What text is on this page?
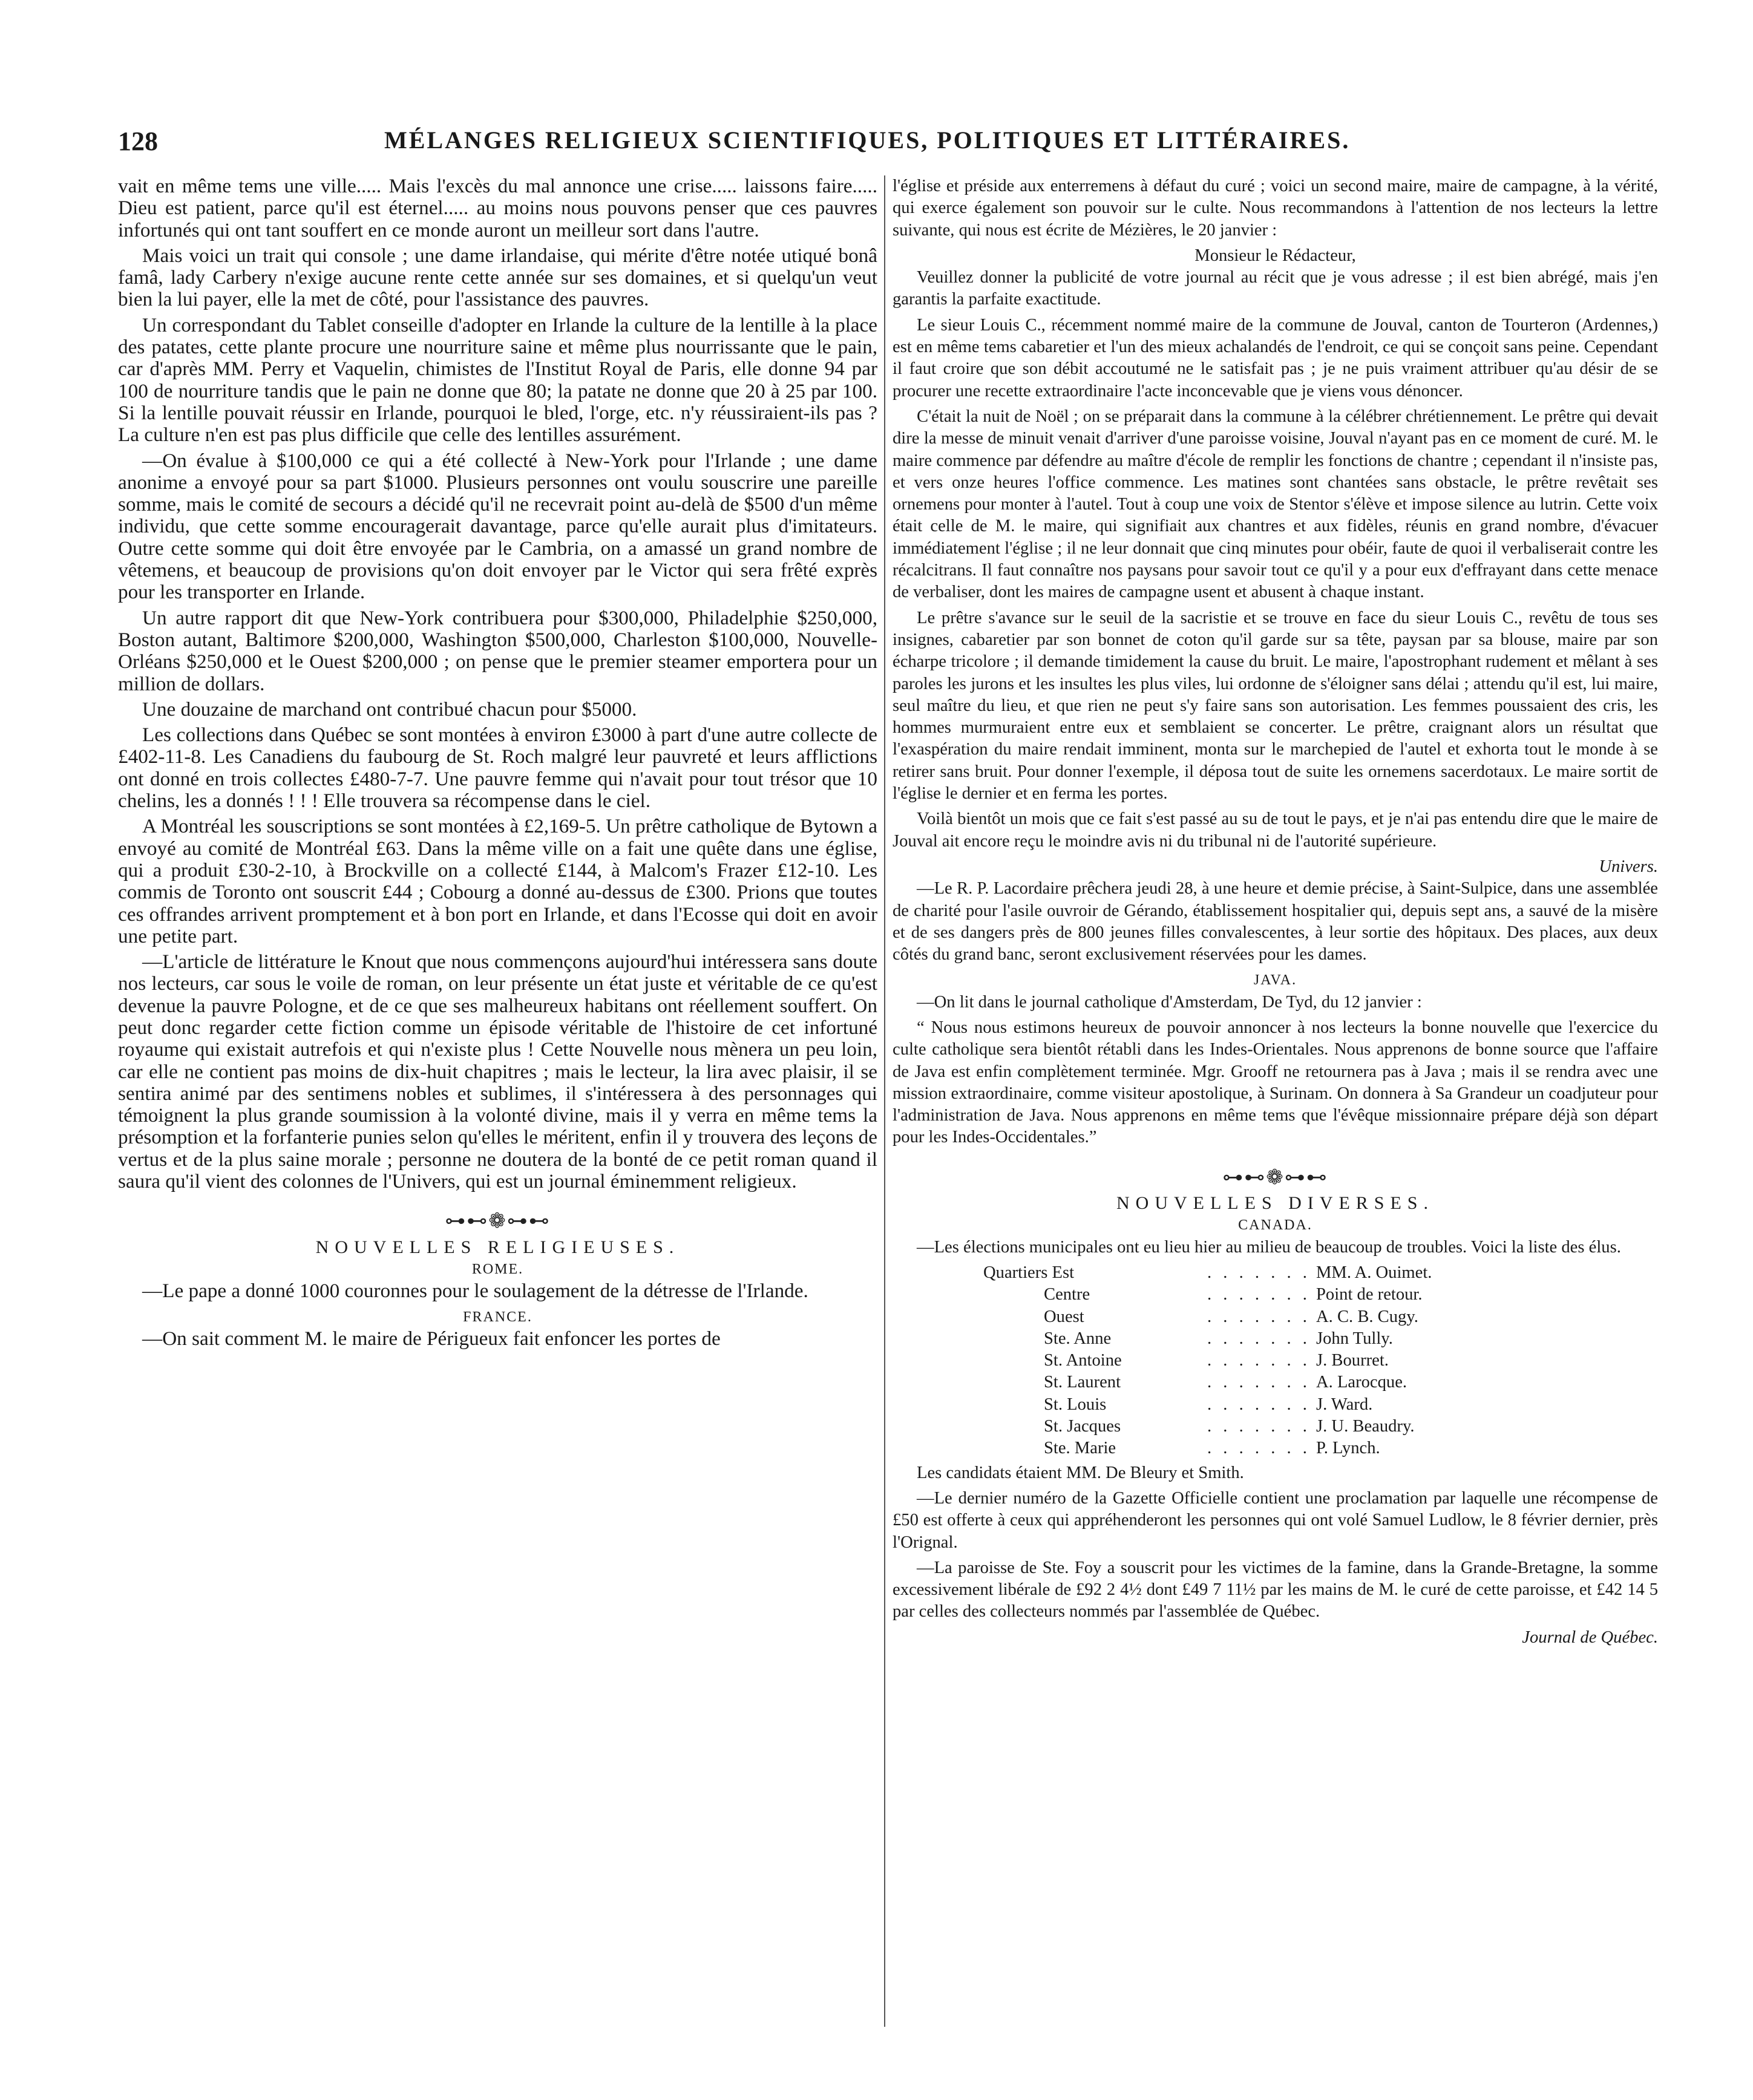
128	MÉLANGES RELIGIEUX SCIENTIFIQUES, POLITIQUES ET LITTÉRAIRES.

vait en même tems une ville..... Mais l'excès du mal annonce une crise..... laissons faire..... Dieu est patient, parce qu'il est éternel..... au moins nous pouvons penser que ces pauvres infortunés qui ont tant souffert en ce monde auront un meilleur sort dans l'autre.

Mais voici un trait qui console ; une dame irlandaise, qui mérite d'être notée utiqué bonâ famâ, lady Carbery n'exige aucune rente cette année sur ses domaines, et si quelqu'un veut bien la lui payer, elle la met de côté, pour l'assistance des pauvres.

Un correspondant du Tablet conseille d'adopter en Irlande la culture de la lentille à la place des patates, cette plante procure une nourriture saine et même plus nourrissante que le pain, car d'après MM. Perry et Vaquelin, chimistes de l'Institut Royal de Paris, elle donne 94 par 100 de nourriture tandis que le pain ne donne que 80; la patate ne donne que 20 à 25 par 100. Si la lentille pouvait réussir en Irlande, pourquoi le bled, l'orge, etc. n'y réussiraient-ils pas ? La culture n'en est pas plus difficile que celle des lentilles assurément.

—On évalue à $100,000 ce qui a été collecté à New-York pour l'Irlande ; une dame anonime a envoyé pour sa part $1000. Plusieurs personnes ont voulu souscrire une pareille somme, mais le comité de secours a décidé qu'il ne recevrait point au-delà de $500 d'un même individu, que cette somme encouragerait davantage, parce qu'elle aurait plus d'imitateurs. Outre cette somme qui doit être envoyée par le Cambria, on a amassé un grand nombre de vêtemens, et beaucoup de provisions qu'on doit envoyer par le Victor qui sera frêté exprès pour les transporter en Irlande.

Un autre rapport dit que New-York contribuera pour $300,000, Philadelphie $250,000, Boston autant, Baltimore $200,000, Washington $500,000, Charleston $100,000, Nouvelle-Orléans $250,000 et le Ouest $200,000 ; on pense que le premier steamer emportera pour un million de dollars.

Une douzaine de marchand ont contribué chacun pour $5000.

Les collections dans Québec se sont montées à environ £3000 à part d'une autre collecte de £402-11-8. Les Canadiens du faubourg de St. Roch malgré leur pauvreté et leurs afflictions ont donné en trois collectes £480-7-7. Une pauvre femme qui n'avait pour tout trésor que 10 chelins, les a donnés ! ! ! Elle trouvera sa récompense dans le ciel.

A Montréal les souscriptions se sont montées à £2,169-5. Un prêtre catholique de Bytown a envoyé au comité de Montréal £63. Dans la même ville on a fait une quête dans une église, qui a produit £30-2-10, à Brockville on a collecté £144, à Malcom's Frazer £12-10. Les commis de Toronto ont souscrit £44 ; Cobourg a donné au-dessus de £300. Prions que toutes ces offrandes arrivent promptement et à bon port en Irlande, et dans l'Ecosse qui doit en avoir une petite part.

—L'article de littérature le Knout que nous commençons aujourd'hui intéressera sans doute nos lecteurs, car sous le voile de roman, on leur présente un état juste et véritable de ce qu'est devenue la pauvre Pologne, et de ce que ses malheureux habitans ont réellement souffert. On peut donc regarder cette fiction comme un épisode véritable de l'histoire de cet infortuné royaume qui existait autrefois et qui n'existe plus ! Cette Nouvelle nous mènera un peu loin, car elle ne contient pas moins de dix-huit chapitres ; mais le lecteur, la lira avec plaisir, il se sentira animé par des sentimens nobles et sublimes, il s'intéressera à des personnages qui témoignent la plus grande soumission à la volonté divine, mais il y verra en même tems la présomption et la forfanterie punies selon qu'elles le méritent, enfin il y trouvera des leçons de vertus et de la plus saine morale ; personne ne doutera de la bonté de ce petit roman quand il saura qu'il vient des colonnes de l'Univers, qui est un journal éminemment religieux.

⊶⊷❁⊶⊷

NOUVELLES RELIGIEUSES.

ROME.

—Le pape a donné 1000 couronnes pour le soulagement de la détresse de l'Irlande.

FRANCE.

—On sait comment M. le maire de Périgueux fait enfoncer les portes de

l'église et préside aux enterremens à défaut du curé ; voici un second maire, maire de campagne, à la vérité, qui exerce également son pouvoir sur le culte. Nous recommandons à l'attention de nos lecteurs la lettre suivante, qui nous est écrite de Mézières, le 20 janvier :

Monsieur le Rédacteur,

Veuillez donner la publicité de votre journal au récit que je vous adresse ; il est bien abrégé, mais j'en garantis la parfaite exactitude.

Le sieur Louis C., récemment nommé maire de la commune de Jouval, canton de Tourteron (Ardennes,) est en même tems cabaretier et l'un des mieux achalandés de l'endroit, ce qui se conçoit sans peine. Cependant il faut croire que son débit accoutumé ne le satisfait pas ; je ne puis vraiment attribuer qu'au désir de se procurer une recette extraordinaire l'acte inconcevable que je viens vous dénoncer.

C'était la nuit de Noël ; on se préparait dans la commune à la célébrer chrétiennement. Le prêtre qui devait dire la messe de minuit venait d'arriver d'une paroisse voisine, Jouval n'ayant pas en ce moment de curé. M. le maire commence par défendre au maître d'école de remplir les fonctions de chantre ; cependant il n'insiste pas, et vers onze heures l'office commence. Les matines sont chantées sans obstacle, le prêtre revêtait ses ornemens pour monter à l'autel. Tout à coup une voix de Stentor s'élève et impose silence au lutrin. Cette voix était celle de M. le maire, qui signifiait aux chantres et aux fidèles, réunis en grand nombre, d'évacuer immédiatement l'église ; il ne leur donnait que cinq minutes pour obéir, faute de quoi il verbaliserait contre les récalcitrans. Il faut connaître nos paysans pour savoir tout ce qu'il y a pour eux d'effrayant dans cette menace de verbaliser, dont les maires de campagne usent et abusent à chaque instant.

Le prêtre s'avance sur le seuil de la sacristie et se trouve en face du sieur Louis C., revêtu de tous ses insignes, cabaretier par son bonnet de coton qu'il garde sur sa tête, paysan par sa blouse, maire par son écharpe tricolore ; il demande timidement la cause du bruit. Le maire, l'apostrophant rudement et mêlant à ses paroles les jurons et les insultes les plus viles, lui ordonne de s'éloigner sans délai ; attendu qu'il est, lui maire, seul maître du lieu, et que rien ne peut s'y faire sans son autorisation. Les femmes poussaient des cris, les hommes murmuraient entre eux et semblaient se concerter. Le prêtre, craignant alors un résultat que l'exaspération du maire rendait imminent, monta sur le marchepied de l'autel et exhorta tout le monde à se retirer sans bruit. Pour donner l'exemple, il déposa tout de suite les ornemens sacerdotaux. Le maire sortit de l'église le dernier et en ferma les portes.

Voilà bientôt un mois que ce fait s'est passé au su de tout le pays, et je n'ai pas entendu dire que le maire de Jouval ait encore reçu le moindre avis ni du tribunal ni de l'autorité supérieure.

Univers.

—Le R. P. Lacordaire prêchera jeudi 28, à une heure et demie précise, à Saint-Sulpice, dans une assemblée de charité pour l'asile ouvroir de Gérando, établissement hospitalier qui, depuis sept ans, a sauvé de la misère et de ses dangers près de 800 jeunes filles convalescentes, à leur sortie des hôpitaux. Des places, aux deux côtés du grand banc, seront exclusivement réservées pour les dames.

JAVA.

—On lit dans le journal catholique d'Amsterdam, De Tyd, du 12 janvier :

“ Nous nous estimons heureux de pouvoir annoncer à nos lecteurs la bonne nouvelle que l'exercice du culte catholique sera bientôt rétabli dans les Indes-Orientales. Nous apprenons de bonne source que l'affaire de Java est enfin complètement terminée. Mgr. Grooff ne retournera pas à Java ; mais il se rendra avec une mission extraordinaire, comme visiteur apostolique, à Surinam. On donnera à Sa Grandeur un coadjuteur pour l'administration de Java. Nous apprenons en même tems que l'évêque missionnaire prépare déjà son départ pour les Indes-Occidentales.”

⊶⊷❁⊶⊷

NOUVELLES DIVERSES.

CANADA.

—Les élections municipales ont eu lieu hier au milieu de beaucoup de troubles. Voici la liste des élus.

Quartiers Est	. . . . . . . MM. A. Ouimet.
Centre	. . . . . . . Point de retour.
Ouest	. . . . . . . A. C. B. Cugy.
Ste. Anne	. . . . . . . John Tully.
St. Antoine	. . . . . . . J. Bourret.
St. Laurent	. . . . . . . A. Larocque.
St. Louis	. . . . . . . J. Ward.
St. Jacques	. . . . . . . J. U. Beaudry.
Ste. Marie	. . . . . . . P. Lynch.

Les candidats étaient MM. De Bleury et Smith.

—Le dernier numéro de la Gazette Officielle contient une proclamation par laquelle une récompense de £50 est offerte à ceux qui appréhenderont les personnes qui ont volé Samuel Ludlow, le 8 février dernier, près l'Orignal.

—La paroisse de Ste. Foy a souscrit pour les victimes de la famine, dans la Grande-Bretagne, la somme excessivement libérale de £92 2 4½ dont £49 7 11½ par les mains de M. le curé de cette paroisse, et £42 14 5 par celles des collecteurs nommés par l'assemblée de Québec.

Journal de Québec.
